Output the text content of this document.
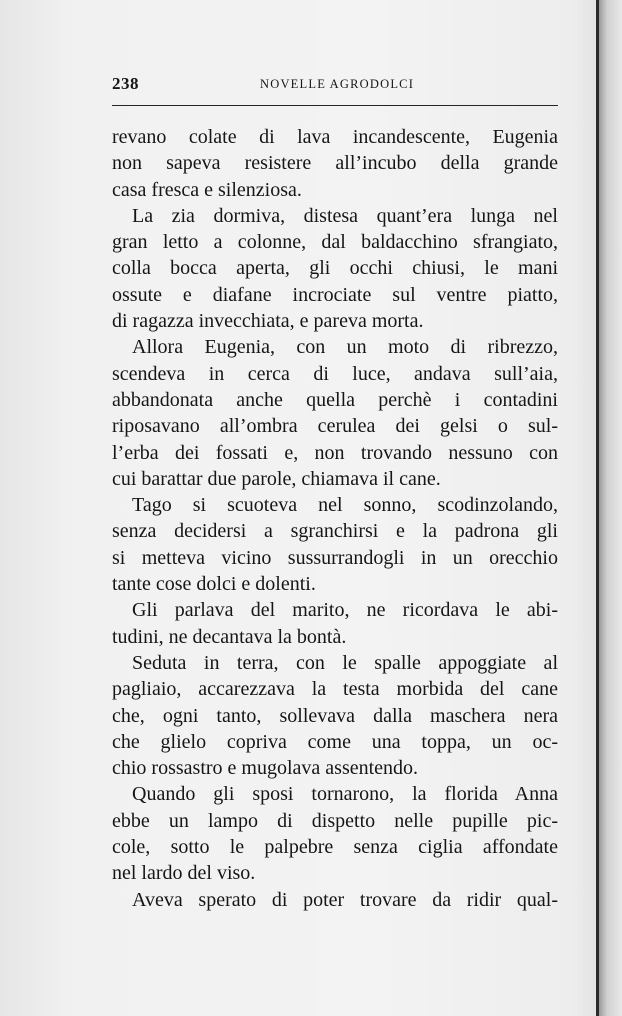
238	NOVELLE AGRODOLCI
revano colate di lava incandescente, Eugenia
non sapeva resistere all’incubo della grande
casa fresca e silenziosa.
La zia dormiva, distesa quant’era lunga nel
gran letto a colonne, dal baldacchino sfrangiato,
colla bocca aperta, gli occhi chiusi, le mani
ossute e diafane incrociate sul ventre piatto,
di ragazza invecchiata, e pareva morta.
Allora Eugenia, con un moto di ribrezzo,
scendeva in cerca di luce, andava sull’aia,
abbandonata anche quella perchè i contadini
riposavano all’ombra cerulea dei gelsi o sul-
l’erba dei fossati e, non trovando nessuno con
cui barattar due parole, chiamava il cane.
Tago si scuoteva nel sonno, scodinzolando,
senza decidersi a sgranchirsi e la padrona gli
si metteva vicino sussurrandogli in un orecchio
tante cose dolci e dolenti.
Gli parlava del marito, ne ricordava le abi-
tudini, ne decantava la bontà.
Seduta in terra, con le spalle appoggiate al
pagliaio, accarezzava la testa morbida del cane
che, ogni tanto, sollevava dalla maschera nera
che glielo copriva come una toppa, un oc-
chio rossastro e mugolava assentendo.
Quando gli sposi tornarono, la florida Anna
ebbe un lampo di dispetto nelle pupille pic-
cole, sotto le palpebre senza ciglia affondate
nel lardo del viso.
Aveva sperato di poter trovare da ridir qual-
